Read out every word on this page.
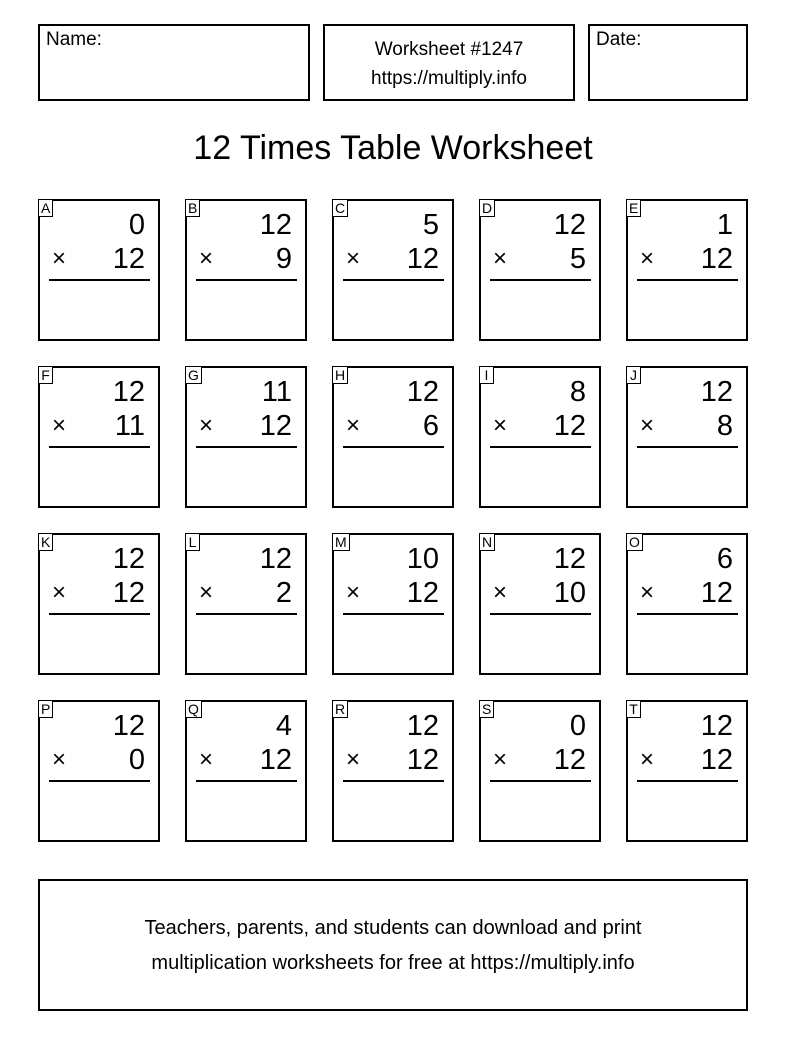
Name:	Worksheet #1247
https://multiply.info
Date:
12 Times Table Worksheet
A
0
× 12
B
12
× 9
C
5
× 12
D
12
× 5
E
1
× 12
F
12
× 11
G
11
× 12
H
12
× 6
I
8
× 12
J
12
× 8
K
12
× 12
L
12
× 2
M
10
× 12
N
12
× 10
O
6
× 12
P
12
× 0
Q
4
× 12
R
12
× 12
S
0
× 12
T
12
× 12
Teachers, parents, and students can download and print
multiplication worksheets for free at https://multiply.info
